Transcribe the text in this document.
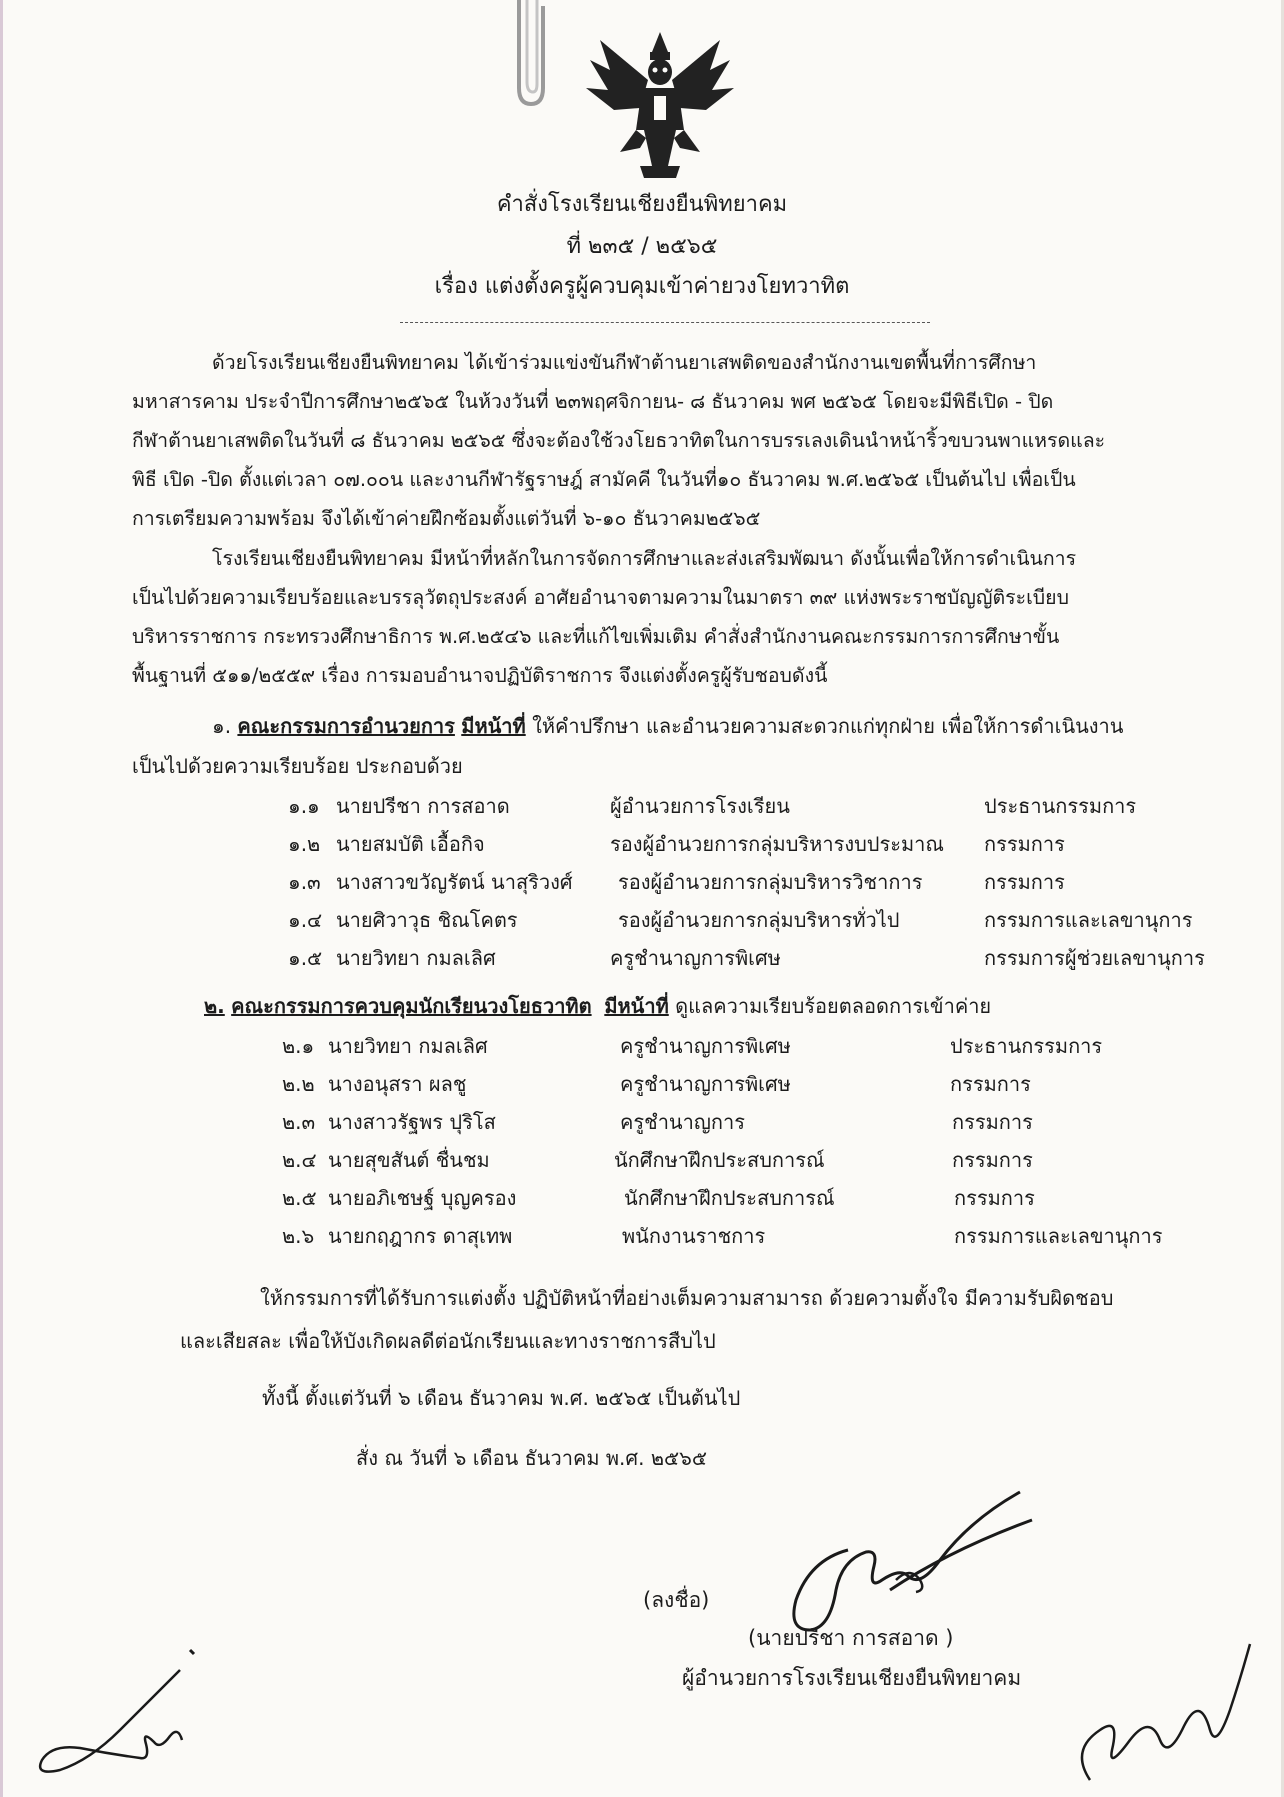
คำสั่งโรงเรียนเชียงยืนพิทยาคม
ที่ ๒๓๕ / ๒๕๖๕
เรื่อง แต่งตั้งครูผู้ควบคุมเข้าค่ายวงโยทวาทิต
ด้วยโรงเรียนเชียงยืนพิทยาคม ได้เข้าร่วมแข่งขันกีฬาต้านยาเสพติดของสำนักงานเขตพื้นที่การศึกษา
มหาสารคาม ประจำปีการศึกษา๒๕๖๕ ในห้วงวันที่ ๒๓พฤศจิกายน- ๘ ธันวาคม พศ ๒๕๖๕ โดยจะมีพิธีเปิด - ปิด
กีฬาต้านยาเสพติดในวันที่ ๘ ธันวาคม ๒๕๖๕ ซึ่งจะต้องใช้วงโยธวาทิตในการบรรเลงเดินนำหน้าริ้วขบวนพาแหรดและ
พิธี เปิด -ปิด ตั้งแต่เวลา ๐๗.๐๐น และงานกีฬารัฐราษฎ์ สามัคคี ในวันที่๑๐ ธันวาคม พ.ศ.๒๕๖๕ เป็นต้นไป เพื่อเป็น
การเตรียมความพร้อม จึงได้เข้าค่ายฝึกซ้อมตั้งแต่วันที่ ๖-๑๐ ธันวาคม๒๕๖๕
โรงเรียนเชียงยืนพิทยาคม มีหน้าที่หลักในการจัดการศึกษาและส่งเสริมพัฒนา ดังนั้นเพื่อให้การดำเนินการ
เป็นไปด้วยความเรียบร้อยและบรรลุวัตถุประสงค์ อาศัยอำนาจตามความในมาตรา ๓๙ แห่งพระราชบัญญัติระเบียบ
บริหารราชการ กระทรวงศึกษาธิการ พ.ศ.๒๕๔๖ และที่แก้ไขเพิ่มเติม คำสั่งสำนักงานคณะกรรมการการศึกษาขั้น
พื้นฐานที่ ๕๑๑/๒๕๕๙ เรื่อง การมอบอำนาจปฏิบัติราชการ จึงแต่งตั้งครูผู้รับชอบดังนี้
๑. คณะกรรมการอำนวยการ มีหน้าที่ ให้คำปรึกษา และอำนวยความสะดวกแก่ทุกฝ่าย เพื่อให้การดำเนินงาน
เป็นไปด้วยความเรียบร้อย ประกอบด้วย
๑.๑ นายปรีชา การสอาด	ผู้อำนวยการโรงเรียน	ประธานกรรมการ
๑.๒ นายสมบัติ เอื้อกิจ	รองผู้อำนวยการกลุ่มบริหารงบประมาณ กรรมการ
๑.๓ นางสาวขวัญรัตน์ นาสุริวงศ์ รองผู้อำนวยการกลุ่มบริหารวิชาการ	กรรมการ
๑.๔ นายศิวาวุธ ชิณโคตร	รองผู้อำนวยการกลุ่มบริหารทั่วไป	กรรมการและเลขานุการ
๑.๕ นายวิทยา กมลเลิศ	ครูชำนาญการพิเศษ	กรรมการผู้ช่วยเลขานุการ
๒. คณะกรรมการควบคุมนักเรียนวงโยธวาทิต มีหน้าที่ ดูแลความเรียบร้อยตลอดการเข้าค่าย
๒.๑ นายวิทยา กมลเลิศ	ครูชำนาญการพิเศษ	ประธานกรรมการ
๒.๒ นางอนุสรา ผลชู	ครูชำนาญการพิเศษ	กรรมการ
๒.๓ นางสาวรัฐพร ปุริโส	ครูชำนาญการ	กรรมการ
๒.๔ นายสุขสันต์ ชื่นชม	นักศึกษาฝึกประสบการณ์	กรรมการ
๒.๕ นายอภิเชษฐ์ บุญครอง	นักศึกษาฝึกประสบการณ์	กรรมการ
๒.๖ นายกฤฎากร ดาสุเทพ	พนักงานราชการ	กรรมการและเลขานุการ
ให้กรรมการที่ได้รับการแต่งตั้ง ปฏิบัติหน้าที่อย่างเต็มความสามารถ ด้วยความตั้งใจ มีความรับผิดชอบ
และเสียสละ เพื่อให้บังเกิดผลดีต่อนักเรียนและทางราชการสืบไป
ทั้งนี้ ตั้งแต่วันที่ ๖ เดือน ธันวาคม พ.ศ. ๒๕๖๕ เป็นต้นไป
สั่ง ณ วันที่ ๖ เดือน ธันวาคม พ.ศ. ๒๕๖๕
(ลงชื่อ)
(นายปรีชา การสอาด )
ผู้อำนวยการโรงเรียนเชียงยืนพิทยาคม
